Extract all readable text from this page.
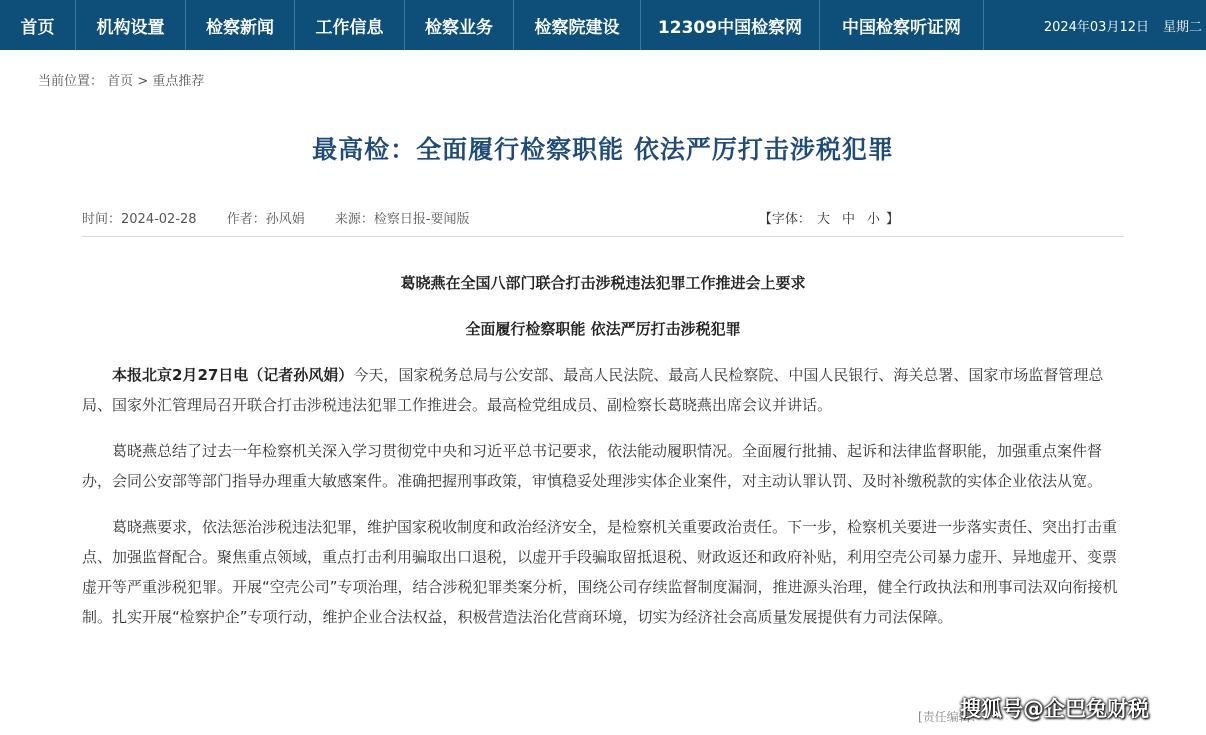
首页	机构设置	检察新闻	工作信息	检察业务	检察院建设	12309中国检察网	中国检察听证网	2024年03月12日 星期二
当前位置： 首页 > 重点推荐
最高检：全面履行检察职能 依法严厉打击涉税犯罪
时间：2024-02-28 作者：孙风娟 来源：检察日报-要闻版	【字体： 大 中 小 】
葛晓燕在全国八部门联合打击涉税违法犯罪工作推进会上要求
全面履行检察职能 依法严厉打击涉税犯罪

本报北京2月27日电（记者孙风娟）今天，国家税务总局与公安部、最高人民法院、最高人民检察院、中国人民银行、海关总署、国家市场监督管理总局、国家外汇管理局召开联合打击涉税违法犯罪工作推进会。最高检党组成员、副检察长葛晓燕出席会议并讲话。

葛晓燕总结了过去一年检察机关深入学习贯彻党中央和习近平总书记要求，依法能动履职情况。全面履行批捕、起诉和法律监督职能，加强重点案件督办，会同公安部等部门指导办理重大敏感案件。准确把握刑事政策，审慎稳妥处理涉实体企业案件，对主动认罪认罚、及时补缴税款的实体企业依法从宽。

葛晓燕要求，依法惩治涉税违法犯罪，维护国家税收制度和政治经济安全，是检察机关重要政治责任。下一步，检察机关要进一步落实责任、突出打击重点、加强监督配合。聚焦重点领域，重点打击利用骗取出口退税，以虚开手段骗取留抵退税、财政返还和政府补贴，利用空壳公司暴力虚开、异地虚开、变票虚开等严重涉税犯罪。开展“空壳公司”专项治理，结合涉税犯罪类案分析，围绕公司存续监督制度漏洞，推进源头治理，健全行政执法和刑事司法双向衔接机制。扎实开展“检察护企”专项行动，维护企业合法权益，积极营造法治化营商环境，切实为经济社会高质量发展提供有力司法保障。

[责任编辑：
搜狐号@企巴兔财税
